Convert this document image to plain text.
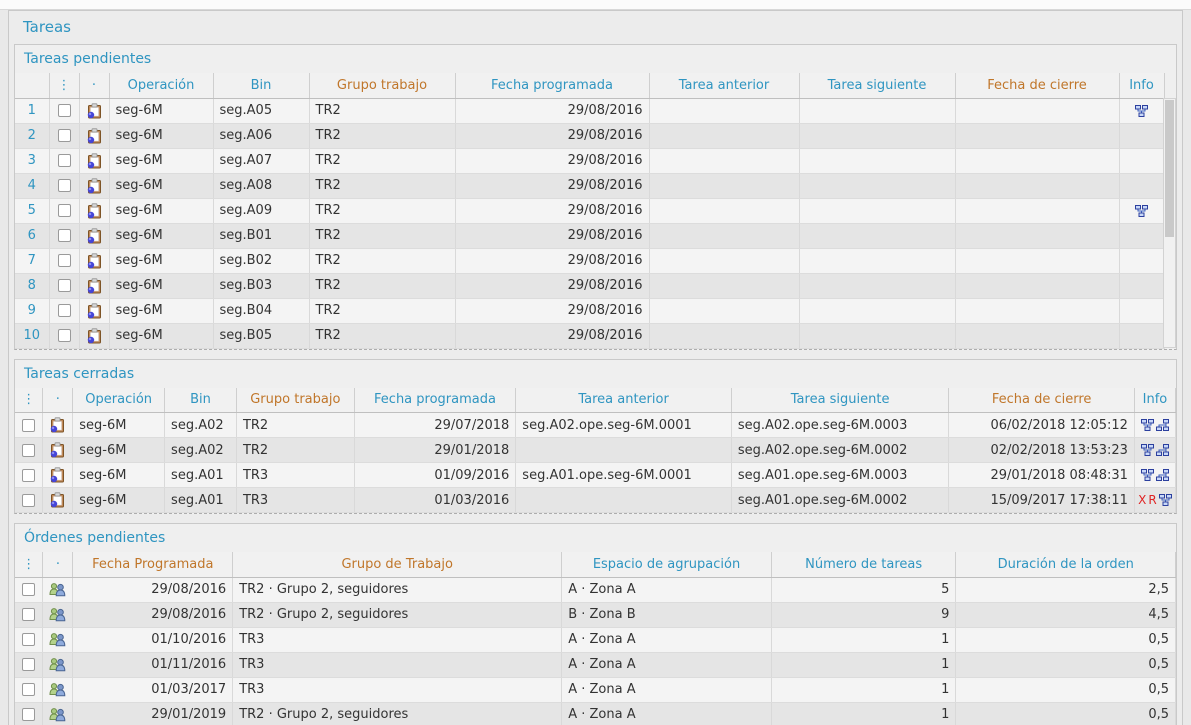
Tareas
Tareas pendientes
	⋮	·	Operación	Bin	Grupo trabajo	Fecha programada	Tarea anterior	Tarea siguiente	Fecha de cierre	Info
1			seg-6M	seg.A05	TR2	29/08/2016				
2			seg-6M	seg.A06	TR2	29/08/2016				
3			seg-6M	seg.A07	TR2	29/08/2016				
4			seg-6M	seg.A08	TR2	29/08/2016				
5			seg-6M	seg.A09	TR2	29/08/2016				
6			seg-6M	seg.B01	TR2	29/08/2016				
7			seg-6M	seg.B02	TR2	29/08/2016				
8			seg-6M	seg.B03	TR2	29/08/2016				
9			seg-6M	seg.B04	TR2	29/08/2016				
10			seg-6M	seg.B05	TR2	29/08/2016				
Tareas cerradas
⋮	·	Operación	Bin	Grupo trabajo	Fecha programada	Tarea anterior	Tarea siguiente	Fecha de cierre	Info
		seg-6M	seg.A02	TR2	29/07/2018	seg.A02.ope.seg-6M.0001	seg.A02.ope.seg-6M.0003	06/02/2018 12:05:12	
		seg-6M	seg.A02	TR2	29/01/2018		seg.A02.ope.seg-6M.0002	02/02/2018 13:53:23	
		seg-6M	seg.A01	TR3	01/09/2016	seg.A01.ope.seg-6M.0001	seg.A01.ope.seg-6M.0003	29/01/2018 08:48:31	
		seg-6M	seg.A01	TR3	01/03/2016		seg.A01.ope.seg-6M.0002	15/09/2017 17:38:11	X R
Órdenes pendientes
⋮	·	Fecha Programada	Grupo de Trabajo	Espacio de agrupación	Número de tareas	Duración de la orden
		29/08/2016	TR2 · Grupo 2, seguidores	A · Zona A	5	2,5
		29/08/2016	TR2 · Grupo 2, seguidores	B · Zona B	9	4,5
		01/10/2016	TR3	A · Zona A	1	0,5
		01/11/2016	TR3	A · Zona A	1	0,5
		01/03/2017	TR3	A · Zona A	1	0,5
		29/01/2019	TR2 · Grupo 2, seguidores	A · Zona A	1	0,5
